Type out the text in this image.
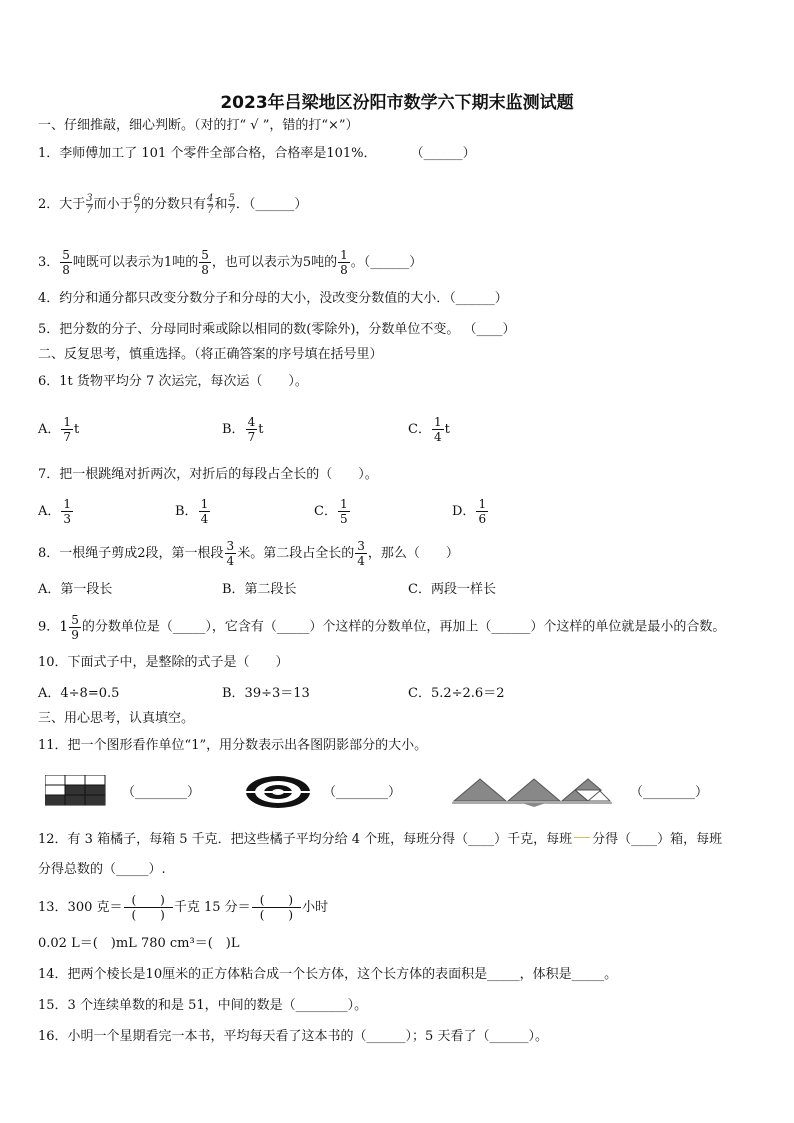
2023年吕梁地区汾阳市数学六下期末监测试题
一、仔细推敲，细心判断。（对的打“ √ ”，错的打“×”）
1．李师傅加工了 101 个零件全部合格，合格率是101%．	（______）
2．大于 $\frac{3}{7}$ 而小于 $\frac{6}{7}$ 的分数只有 $\frac{4}{7}$ 和 $\frac{5}{7}$ ．（______）
3． $\frac{5}{8}$ 吨既可以表示为1吨的 $\frac{5}{8}$ ，也可以表示为5吨的 $\frac{1}{8}$ 。（______）
4．约分和通分都只改变分数分子和分母的大小，没改变分数值的大小．（______）
5．把分数的分子、分母同时乘或除以相同的数(零除外)，分数单位不变。 （____）
二、反复思考，慎重选择。（将正确答案的序号填在括号里）
6．1t 货物平均分 7 次运完，每次运（　　）。
A． $\frac{1}{7}$ t	B． $\frac{4}{7}$ t	C． $\frac{1}{4}$ t
7．把一根跳绳对折两次，对折后的每段占全长的（　　）。
A． $\frac{1}{3}$	B． $\frac{1}{4}$	C． $\frac{1}{5}$	D． $\frac{1}{6}$
8．一根绳子剪成2段，第一根段 $\frac{3}{4}$ 米。第二段占全长的 $\frac{3}{4}$ ，那么（　　）
A．第一段长	B．第二段长	C．两段一样长
9．$1 \frac{5}{9}$ 的分数单位是（_____），它含有（_____）个这样的分数单位，再加上（______）个这样的单位就是最小的合数。
10．下面式子中，是整除的式子是（　　）
A．4÷8=0.5	B．39÷3＝13	C．5.2÷2.6＝2
三、用心思考，认真填空。
11．把一个图形看作单位“1”，用分数表示出各图阴影部分的大小。
（________）	（________）	（________）
12．有 3 箱橘子，每箱 5 千克．把这些橘子平均分给 4 个班，每班分得（____）千克，每班 分得（____）箱，每班
分得总数的（_____）.
13．300 克＝ $\frac{( )}{( )}$ 千克 15 分＝ $\frac{( )}{( )}$ 小时
0.02 L＝(　)mL 780 cm³＝(　)L
14．把两个棱长是10厘米的正方体粘合成一个长方体，这个长方体的表面积是_____，体积是_____。
15．3 个连续单数的和是 51，中间的数是（________）。
16．小明一个星期看完一本书，平均每天看了这本书的（______）；5 天看了（______）。
